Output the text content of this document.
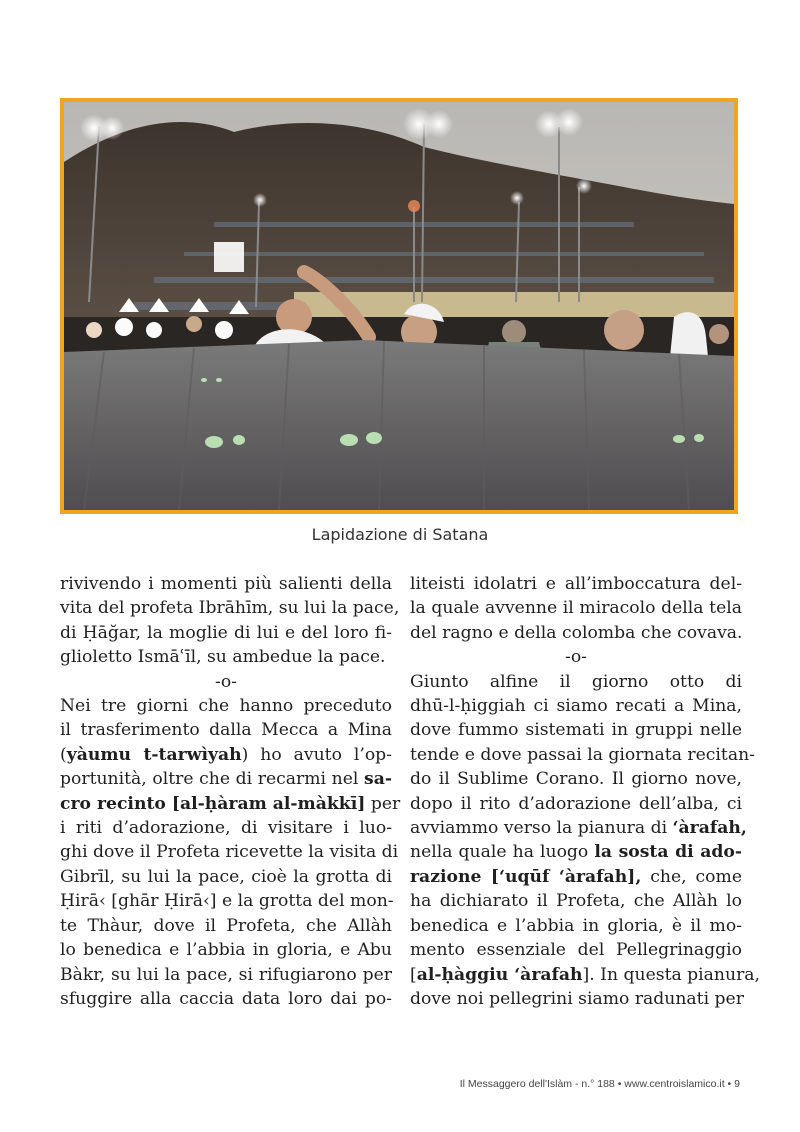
Lapidazione di Satana
rivivendo i momenti più salienti della
vita del profeta Ibrāhīm, su lui la pace,
di Ḥāğar, la moglie di lui e del loro fi-
glioletto Ismāʿīl, su ambedue la pace.
-o-
Nei tre giorni che hanno preceduto
il trasferimento dalla Mecca a Mina
(yàumu t-tarwìyah) ho avuto l’op-
portunità, oltre che di recarmi nel sa-
cro recinto [al-ḥàram al-màkkī] per
i riti d’adorazione, di visitare i luo-
ghi dove il Profeta ricevette la visita di
Gibrīl, su lui la pace, cioè la grotta di
Ḥirā‹ [ghār Ḥirā‹] e la grotta del mon-
te Thàur, dove il Profeta, che Allàh
lo benedica e l’abbia in gloria, e Abu
Bàkr, su lui la pace, si rifugiarono per
sfuggire alla caccia data loro dai po-
liteisti idolatri e all’imboccatura del-
la quale avvenne il miracolo della tela
del ragno e della colomba che covava.
-o-
Giunto alfine il giorno otto di
dhū-l-ḥiggiah ci siamo recati a Mina,
dove fummo sistemati in gruppi nelle
tende e dove passai la giornata recitan-
do il Sublime Corano. Il giorno nove,
dopo il rito d’adorazione dell’alba, ci
avviammo verso la pianura di ʻàrafah,
nella quale ha luogo la sosta di ado-
razione [ʻuqūf ʻàrafah], che, come
ha dichiarato il Profeta, che Allàh lo
benedica e l’abbia in gloria, è il mo-
mento essenziale del Pellegrinaggio
[al-ḥàggiu ʻàrafah]. In questa pianura,
dove noi pellegrini siamo radunati per
Il Messaggero dell'Islàm - n.° 188 • www.centroislamico.it • 9
